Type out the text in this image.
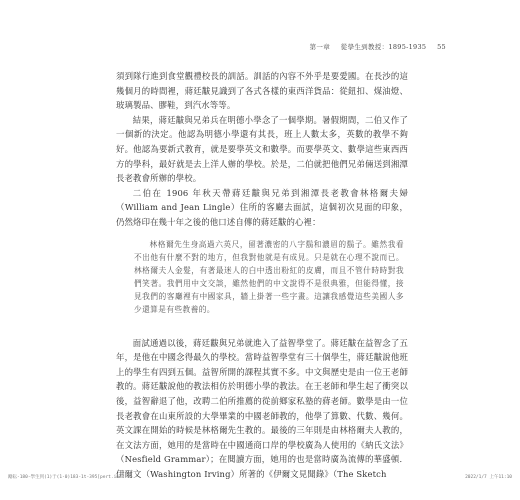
第一章 從學生到教授：1895-1935 55

須到隊行進到食堂觀禮校長的訓話。訓話的內容不外乎是要愛國。在長沙的這幾個月的時間裡，蔣廷黻見識到了各式各樣的東西洋貨品：從鈕扣、煤油燈、玻璃製品、膠鞋，到汽水等等。

結果，蔣廷黻與兄弟兵在明德小學念了一個學期。暑假期間，二伯又作了一個新的決定。他認為明德小學還有其長，班上人數太多，英數的教學不夠好。他認為要新式教育，就是要學英文和數學。而要學英文、數學這些東西西方的學科，最好就是去上洋人辦的學校。於是，二伯就把他們兄弟倆送到湘潭長老教會所辦的學校。

二伯在 1906 年秋天帶蔣廷黻與兄弟到湘潭長老教會林格爾夫婦（William and Jean Lingle）住所的客廳去面試，這個初次見面的印象，仍然烙印在幾十年之後的他口述自傳的蔣廷黻的心裡：

林格爾先生身高過六英尺，留著濃密的八字鬍和濃眉的鬍子。雖然我看不出他有什麼不對的地方，但我對他就是有成見。只是就在心理不說而已。林格爾夫人金髮，有著最迷人的白中透出粉紅的皮膚，而且不管什時時對我們笑著。我們用中文交談，雖然他們的中文說得不是很典雅，但能得懂，接見我們的客廳裡有中國家具，牆上掛著一些字畫。這讓我感覺這些美國人多少還算是有些教養的。

面試通過以後，蔣廷黻與兄弟就進入了益智學堂了。蔣廷黻在益智念了五年，是他在中國念得最久的學校。當時益智學堂有三十個學生，蔣廷黻說他班上的學生有四到五個。益智所開的課程其實不多。中文與歷史是由一位王老師教的。蔣廷黻說他的教法相仿於明德小學的教法。在王老師和學生起了衝突以後，益智辭退了他，改聘二伯所推薦的從前鄉家私塾的蔣老師。數學是由一位長老教會在山東所設的大學畢業的中國老師教的，他學了算數、代數、幾何。英文課在開始的時候是林格爾先生教的。最後的三年則是由林格爾夫人教的，在文法方面，她用的是當時在中國通商口岸的學校廣為人使用的《納氏文法》（Nesfield Grammar）；在閱讀方面，她用的也是當時廣為流傳的華盛頓．伊爾文（Washington Irving）所著的《伊爾文見聞錄》（The Sketch

勵耘-180-學生到(1)于(1-0)183-1t-395[pert.indd 35	2022/1/7 上午11:10
